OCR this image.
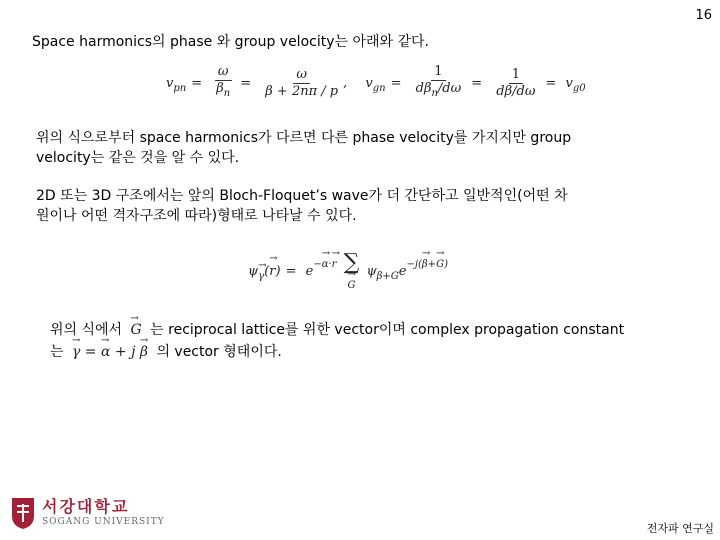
16
Space harmonics의 phase 와 group velocity는 아래와 같다.
$v_{pn} = \frac{\omega}{\beta_n} = \frac{\omega}{\beta + 2n\pi / p}$ , $v_{gn} = \frac{1}{d\beta_n/d\omega} = \frac{1}{d\beta/d\omega} = v_{g0}$
위의 식으로부터 space harmonics가 다르면 다른 phase velocity를 가지지만 group
velocity는 같은 것을 알 수 있다.
2D 또는 3D 구조에서는 앞의 Bloch-Floquet’s wave가 더 간단하고 일반적인(어떤 차
원이나 어떤 격자구조에 따라)형태로 나타날 수 있다.
$\psi\to _\gamma(\to r) = e^{-\to \alpha\cdot\to r}$ ∑
→ G
$\psi_{\beta+G}e^{-j(\to \beta+\to G)}$
위의 식에서 → G 는 reciprocal lattice를 위한 vector이며 complex propagation constant
는 → γ = → α + j → β 의 vector 형태이다.
서강대학교
SOGANG UNIVERSITY	전자파 연구실
